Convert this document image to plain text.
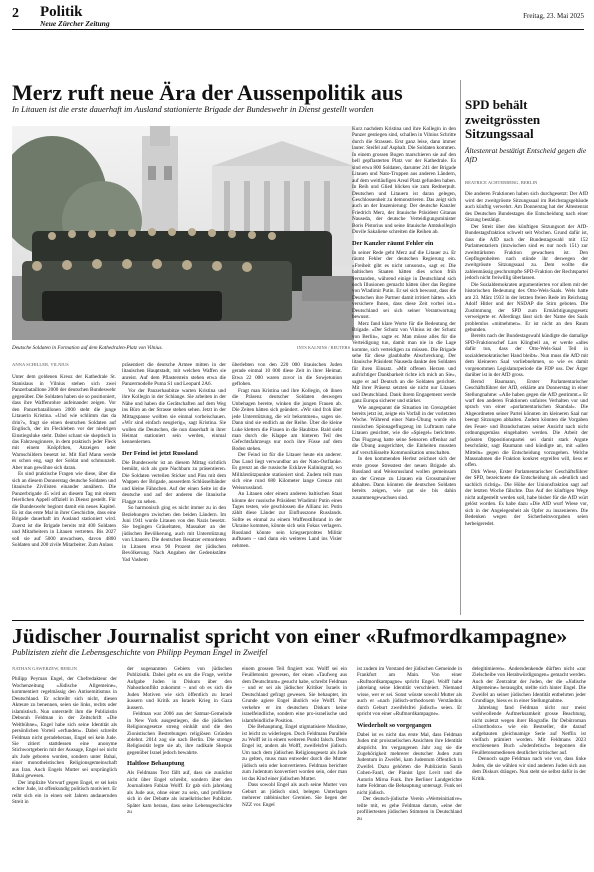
2 Politik
Neue Zürcher Zeitung
Freitag, 23. Mai 2025
Merz ruft neue Ära der Aussenpolitik aus
In Litauen ist die erste dauerhaft im Ausland stationierte Brigade der Bundeswehr in Dienst gestellt worden
Deutsche Soldaten in Formation auf dem Kathedralen-Platz von Vilnius.	INTS KALNINS / REUTERS
ANNA SCHILLER, VILNIUS

Unter dem goldenen Kreuz der Kathedrale St. Stanislaus in Vilnius stehen sich zwei Panzerbataillone 2000 der deutschen Bundeswehr gegenüber. Die Soldaten haben sie so positioniert, dass ihre Waffenrohre aufeinander zeigen. Vor den Panzerbataillonen 2000 steht die junge Litauerin Kristina. «Und wie schlimm das da drin?», fragt sie einen deutschen Soldaten auf Englisch, der im Fleckleben vor der niedrigen Einstiegsluke steht. Dabei schaut sie skeptisch in das Fahrzeuginnere, in dem praktisch jeder Fleck mit einem Knöpfchen, Anzeigen oder Warnschildern besetzt ist. Mit fünf Mann werde es schon eng, sagt der Soldat und schmunzelt. Aber man gewöhne sich daran.

Es sind praktische Fragen wie diese, über die sich an diesem Donnerstag deutsche Soldaten und litauische Zivilisten einander annähern. Die Panzerbrigade 45 wird an diesem Tag mit einem feierlichen Appell offiziell in Dienst gestellt. Für die Bundeswehr beginnt damit ein neues Kapitel. Es ist das erste Mal in ihrer Geschichte, dass eine Brigade dauerhaft im Ausland stationiert wird. Zuerst ist die Brigade bereits mit 400 Soldaten und Mitarbeitern in Litauen vertreten. Bis 2027 soll sie auf 5000 anwachsen, davon 4800 Soldaten und 200 zivile Mitarbeiter. Zum Anlass

präsentiert die deutsche Armee mitten in der litauischen Hauptstadt, mit welchen Waffen sie anreist. Auf dem Pflasterstein stehen etwa die Panzermodelle Puma S1 und Leopard 2A6.

Vor der Panzerhaubitze warten Kristina und ihre Kollegin in der Schlange. Sie arbeiten in der Nähe und haben die Gerätschaften auf dem Weg ins Büro an der Strasse stehen sehen. Jetzt in der Mittagspause wollten sie einmal vorbeischauen. «Wir sind einfach neugierig», sagt Kristina. Sie wollen die Deutschen, die nun dauerhaft in ihrer Heimat stationiert sein werden, einmal kennenlernen.

Der Feind ist jetzt Russland

Die Bundeswehr ist an diesem Mittag sichtlich bemüht, sich als gute Nachbarn zu präsentieren. Die Soldaten verteilen Sticker und Pins mit dem Wappen der Brigade, ausserdem Schlüsselbänder und kleine Fähnchen. Auf der einen Seite ist die deutsche und auf der anderen die litauische Flagge zu sehen.

So harmonisch ging es nicht immer zu in den Beziehungen zwischen den beiden Ländern. Im Juni 1941 wurde Litauen von den Nazis besetzt. Sie begingen Gräueltaten, Massaker an der jüdischen Bevölkerung, auch mit Unterstützung von Litauern. Die deutschen Besatzer ermordeten in Litauen etwa 90 Prozent der jüdischen Bevölkerung. Nach Angaben der Gedenkstätte Yad Vashem

überlebten von den 220 000 litauischen Juden gerade einmal 10 000 diese Zeit in ihrer Heimat. Etwa 22 000 waren zuvor in die Sowjetunion geflohen.

Fragt man Kristina und ihre Kollegin, ob ihnen die Präsenz deutscher Soldaten deswegen Unbehagen bereite, winken die jungen Frauen ab. Die Zeiten hätten sich geändert. «Wir sind froh über jede Unterstützung, die wir bekommen», sagen sie. Dann sind sie endlich an der Reihe. Über die kleine Luke klettern die Frauen in die Haubitze. Bald sieht man durch die Klappe am hinteren Teil des Gefechtsfahrzeugs nur noch ihre Füsse auf dem Boden stehen.

Der Feind ist für die Litauer heute ein anderer. Das Land liegt verwundbar an der Nato-Ostflanke. Es grenzt an die russische Exklave Kaliningrad, wo Militärstützpunkte stationiert sind. Zudem teilt man sich eine rund 680 Kilometer lange Grenze mit Weissrussland.

An Litauen oder einem anderen baltischen Staat könnte der russische Präsident Wladimir Putin eines Tages testen, wie geschlossen die Allianz ist. Putin zählt diese Länder zur Einflusszone Russlands. Sollte es einmal zu einem Waffenstillstand in der Ukraine kommen, könnte sich sein Fokus verlagern. Russland könnte sein kriegserprobtes Militär aufbauen – und dann ein weiteres Land ins Visier nehmen.

Kurz nachdem Kristina und ihre Kollegin in den Panzer gestiegen sind, schallen in Vilnius Schritte durch die Strassen. Erst ganz leise, dann immer lauter. Steifel auf Asphalt. Die Soldaten kommen. In einem grossen Bogen marschieren sie auf den hell gepflasterten Platz vor der Kathedrale. Es sind etwa 800 Soldaten, darunter 241 der Brigade Litauen und Nato-Truppen aus anderen Ländern, auf dem weitläufigen Areal Platz gefunden haben. In Reih und Glied blicken sie zum Rednerpult. Deutschen und Litauern ist daran gelegen, Geschlossenheit zu demonstrieren. Das zeigt sich auch an der Inszenierung: Der deutsche Kanzler Friedrich Merz, der litauische Präsident Gitanas Nauseda, der deutsche Verteidigungsminister Boris Pistorius und seine litauische Amtskollegin Dovile Sakaliene schreiten die Reihen ab.

Der Kanzler räumt Fehler ein

In seiner Rede geht Merz auf die Litauer zu. Er räumt Fehler der deutschen Regierung ein. «Freiheit gibt es nicht umsonst», sagt er. Die baltischen Staaten hätten dies schon früh verstanden, während einige in Deutschland sich noch Illusionen gemacht hätten über das Regime von Wladimir Putin. Er sei sich bewusst, dass die Deutschen ihre Partner damit irritiert hätten. «Ich versichere Ihnen, dass diese Zeit vorbei ist.» Deutschland sei sich seiner Verantwortung bewusst.

Merz fand klare Worte für die Bedeutung der Brigade. «Der Schutz von Vilnius ist der Schutz von Berlin», sagte er. Man müsse alles für die Verteidigung tun, damit man nie in die Lage komme, sich verteidigen zu müssen. Die Brigade sehe für diese glaubhafte Abschreckung. Der litauische Präsident Nauseda dankte den Soldaten für ihren Einsatz. «Mit offenen Herzen und aufrichtiger Dankbarkeit richte ich mich an Sie», sagte er auf Deutsch an die Soldaten gerichtet. Mit ihrer Präsenz setzten sie nicht nur Litauen und Deutschland. Dank ihrem Engagement werde ganz Europa sicherer und stärker.

Wie angespannt die Situation im Grenzgebiet bereits jetzt ist, zeigte ein Vorfall in der vorletzten Woche. Während einer Nato-Übung wurde ein russischen Spionageflugzeug im Luftraum nahe Litauen gesichtet, wie die «Spiegel» berichtete. Das Flugzeug hatte seine Sensoren offenbar auf die Übung ausgerichtet, die Einheiten mussten auf verschlüsselte Kommunikation umschalten.

In den kommenden Herbst zeichnet sich der erste grosse Stresstest der neuen Brigade ab. Russland und Weissrussland wollen gemeinsam an der Grenze zu Litauen ein Grossmanöver abhalten. Dann könnten die deutschen Soldaten bereits zeigen, wie gut sie bis dahin zusammengewachsen sind.

SPD behält zweitgrössten Sitzungssaal
Ältestenrat bestätigt Entscheid gegen die AfD
BEATRICE ACHTERBERG, BERLIN

Die anderen Fraktionen haben sich durchgesetzt: Der AfD wird der zweitgrösste Sitzungssaal im Reichstagsgebäude auch künftig verwehrt. Am Donnerstag hat der Ältestenrat des Deutschen Bundestages die Entscheidung nach einer Sitzung bestätigt.

Der Streit über den künftigen Sitzungsort der AfD-Bundestagsfraktion schwelt seit Wochen. Grund dafür ist, dass die AfD nach der Bundestagswahl mit 152 Parlamentariern (inzwischen sind es nur noch 151) zur zweitstärksten Fraktion gewachsen ist. Den Gepflogenheiten nach stünde ihr deswegen der zweitgrösste Sitzungssaal zu. Dem wollte die zahlenmässig geschrumpfte SPD-Fraktion der Rechtspartei jedoch nicht freiwillig überlassen.

Die Sozialdemokraten argumentierten vor allem mit der historischen Bedeutung des Otto-Wels-Saals. Wels hatte am 23. März 1933 in der letzten freien Rede im Reichstag Adolf Hitler und der NSDAP die Stirn geboten. Die Zustimmung der SPD zum Ermächtigungsgesetz verweigerte er. Allerdings lässt sich der Name des Saals problemlos «mitnehmen». Er ist nicht an den Raum gebunden.

Bereits nach der Bundestagswahl kündigte die damalige SPD-Fraktionschef Lars Klingbeil an, er werde «alles dafür tun, dass der Otto-Wels-Saal Teil in sozialdemokratischer Hand bleibt». Nun muss die AfD mit dem kleineren Saal vorliebnehmen, so wie es damit vorgenommen Legislaturperiode die FDP uss. Der Ärger darüber ist in der AfD gross.

Bernd Baumann, Erster Parlamentarischer Geschäftsführer der AfD, erklärte am Donnerstag in einer Stellungnahme: «Alle haben gegen die AfD gestimmt.» Er warf den anderen Fraktionen unfaires Verhalten vor und sprach von einer «parlamentarischen Skandal». Die Abgeordneten seiner Partei könnten im kleineren Saal nur beengt Sitzungen abhalten. Zudem könnten die Vorgaben des Feuer- und Brandschutzes seiner Ansicht nach nicht ordnungsgemäss eingehalten werden. Die Arbeit der grössten Oppositionspartei sei damit stark Argute beschränkt, sagt Baumann und kündigte an, mit «allen Mitteln» gegen die Entscheidung vorzugehen. Welche Massnahmen die Fraktion konkret ergreifen will, liess er offen.

Dirk Wiese, Erster Parlamentarischer Geschäftsführer der SPD, bezeichnete die Entscheidung als «deutlich und sachlich richtig». Die Höhe der Unionsfraktion sagt auf der letzten Woche fälschte. Das Auf der künftigen Wege nicht aufgestellt werden soll, habe bisher für die AfD würt gelöst worden. Es habe dazu «Die AfD wurf Wiese vor, sich in der Angelegenheit als Opfer zu inszenieren. Die Bedenken wegen der Sicherheitsvorgaben seien herbeigeredet.

Jüdischer Journalist spricht von einer «Rufmordkampagne»
Publizisten zieht die Lebensgeschichte von Philipp Peyman Engel in Zweifel
NATHAN GAWERZEW, BERLIN

Philipp Peyman Engel, der Chefredakteur der Wochenzeitung «Jüdische Allgemeine», kommentiert regelmässig den Antisemitismus in Deutschland. Er schreibt sich nicht, diesen Akteure zu benennen, seien sie links, rechts oder islamistisch. Nun unterstellt ihm die Publizistin Deborah Feldman in der Zeitschrift «Die Weltbühne», Engel habe sich seine Identität als persönlichen Vorteil «erfunden». Dabei schreibt Feldman nicht geradeheraus, Engel sei kein Jude. Sie zitiert stattdessen eine anonyme Stichwortgeberin mit der Aussage, Engel sei nicht als Jude geboren worden, sondern unter Bahai, einer monotheistischen Religionsgemeinschaft aus Iran. Auch Engels Mutter sei ursprünglich Bahai gewesen.

Der implizite Vorwurf gegen Engel, er sei kein echter Jude, ist offenkundig politisch motiviert. Er reiht sich ein in einen seit Jahren andauernden Streit in

der sogenannten Gebiets von jüdischen Publizistik. Dabei geht es um die Frage, welche Aufgabe Juden in Diskurs über den Nahostkonflikt zukommt – und ob es sich die Juden Motiven wie sich öffentlich zu Israel äussern und Kritik an Israels Krieg in Gaza äussern.

Feldman war 2006 aus der Satmar-Gemeinde in New York ausgestiegen, die die jüdischen Religionsgesetze streng einhält und die den Zionistischen Bestrebungen religiösen Gründen ablehnt. 2014 zog sie nach Berlin. Die strenge Religiosität legte sie ab, ihre radikale Skepsis gegenüber Israel jedoch bewahrte.

Haltlose Behauptung

Als Feldmans Text fällt auf, dass sie zunächst nicht über Engel schreibt, sondern über den Journalisten Fabian Wolff. Er gab sich jahrelang als Jude aus, ohne einer zu sein, und profilierte sich in der Debatte als israelkritischer Publizist. Später kam heraus, dass seine Lebensgeschichte zu

einem grossen Teil fingiert war. Wolff sei ein Feuilletonist gewesen, der einen «Taufweg aus dem Deutschtum» gesucht habe, schreibt Feldman – und er sei als jüdischer Kritiker Israels in Deutschland gefragt gewesen. Sie behauptet, im Grunde agiere Engel ähnlich wie Wolff. Nur verkehre er im deutschen Diskurs keine israelfeindliche, sondern eine pro-israelische und islamfeindliche Position.

Die Behauptung, Engel stigmatisiere Muslime, ist leicht zu widerlegen. Doch Feldmans Parallele zu Wolff ist in einem weiteren Punkt falsch. Denn Engel ist, anders als Wolff, zweifelsfrei jüdisch. Um nach dem jüdischen Religionsgesetz als Jude zu gelten, muss man entweder durch die Mutter jüdisch sein oder konvertieren. Feldman berichtet zum Judentum konvertiert worden sein, oder man ist das Kind einer jüdischen Mutter.

Dass sowohl Engel als auch seine Mutter von Geburt an jüdisch sind, belegen Unterlagen mehrerer rabbinischer Gremien. Sie liegen der NZZ vor. Engel

ist zudem im Vorstand der jüdischen Gemeinde in Frankfurt am Main. Von einer «Rufmordkampagne» spricht Engel. Wolff habe jahrelang seine Identität verschleiert. Niemand wisse, wer er sei. Sonst wüsste sowohl Mutter als auch er «nach jüdisch-orthodoxem Verständnis durch Geburt zweifelsfrei jüdisch» seien. Er spricht von einer «Rufmordkampagne».

Wiederholt so vorgegangen

Dabei ist es nicht das erste Mal, dass Feldman Juden mit proisraelischen Ansichten ihre Identität abspricht. Im vergangenen Jahr zog sie die Zugehörigkeit mehrerer deutscher Juden zum Judentum in Zweifel, kam Judentum öffentlich in Zweifel. Dazu gehörten die Publizistin Sarah Cohen-Fantl, der Pianist Igor Levit und die Autorin Mirna Funk. Ihre Berliner Landgerichte hatte Feldman die Behauptung untersagt. Funk sei nicht jüdisch.

Der deutsch-jüdische Verein «Werteinitiative» teilte mit, es gehe Feldman darum, «eine der profiliertesten jüdischen Stimmen in Deutschland zu

delegitimieren». Andersdenkende dürften nicht «zur Zielscheibe von Herabwürdigungen» gemacht werden. Auch der Zentralrat der Juden, der die «Jüdische Allgemeine» herausgibt, stellte sich hinter Engel. Die Zweifel an seiner jüdischen Identität entbehrten jeder Grundlage, hiess es in einer Stellungnahme.

Jahrelang fand Feldman nicht nur meist wohlwollende Aufmerksamkeit grosse Beachtung, nicht zuletzt wegen ihrer Biografie. Ihr Debütroman «Unorthodox» wie ein Bestseller, die darauf aufgebauten gleichnamige Serie auf Netflix ist vielfach prämiert worden. Mit Feldmans 2023 erschienenen Buch «Judenfetisch» begonnen die Feuilletonsmedienen deutlicher kritischer auf.

Dennoch sagte Feldman nach wie vor, dass linke Juden, die sie wählen wir sind anderen Juden sich aus dem Diskurs drängen. Nun steht sie selbst dafür in der Kritik.
